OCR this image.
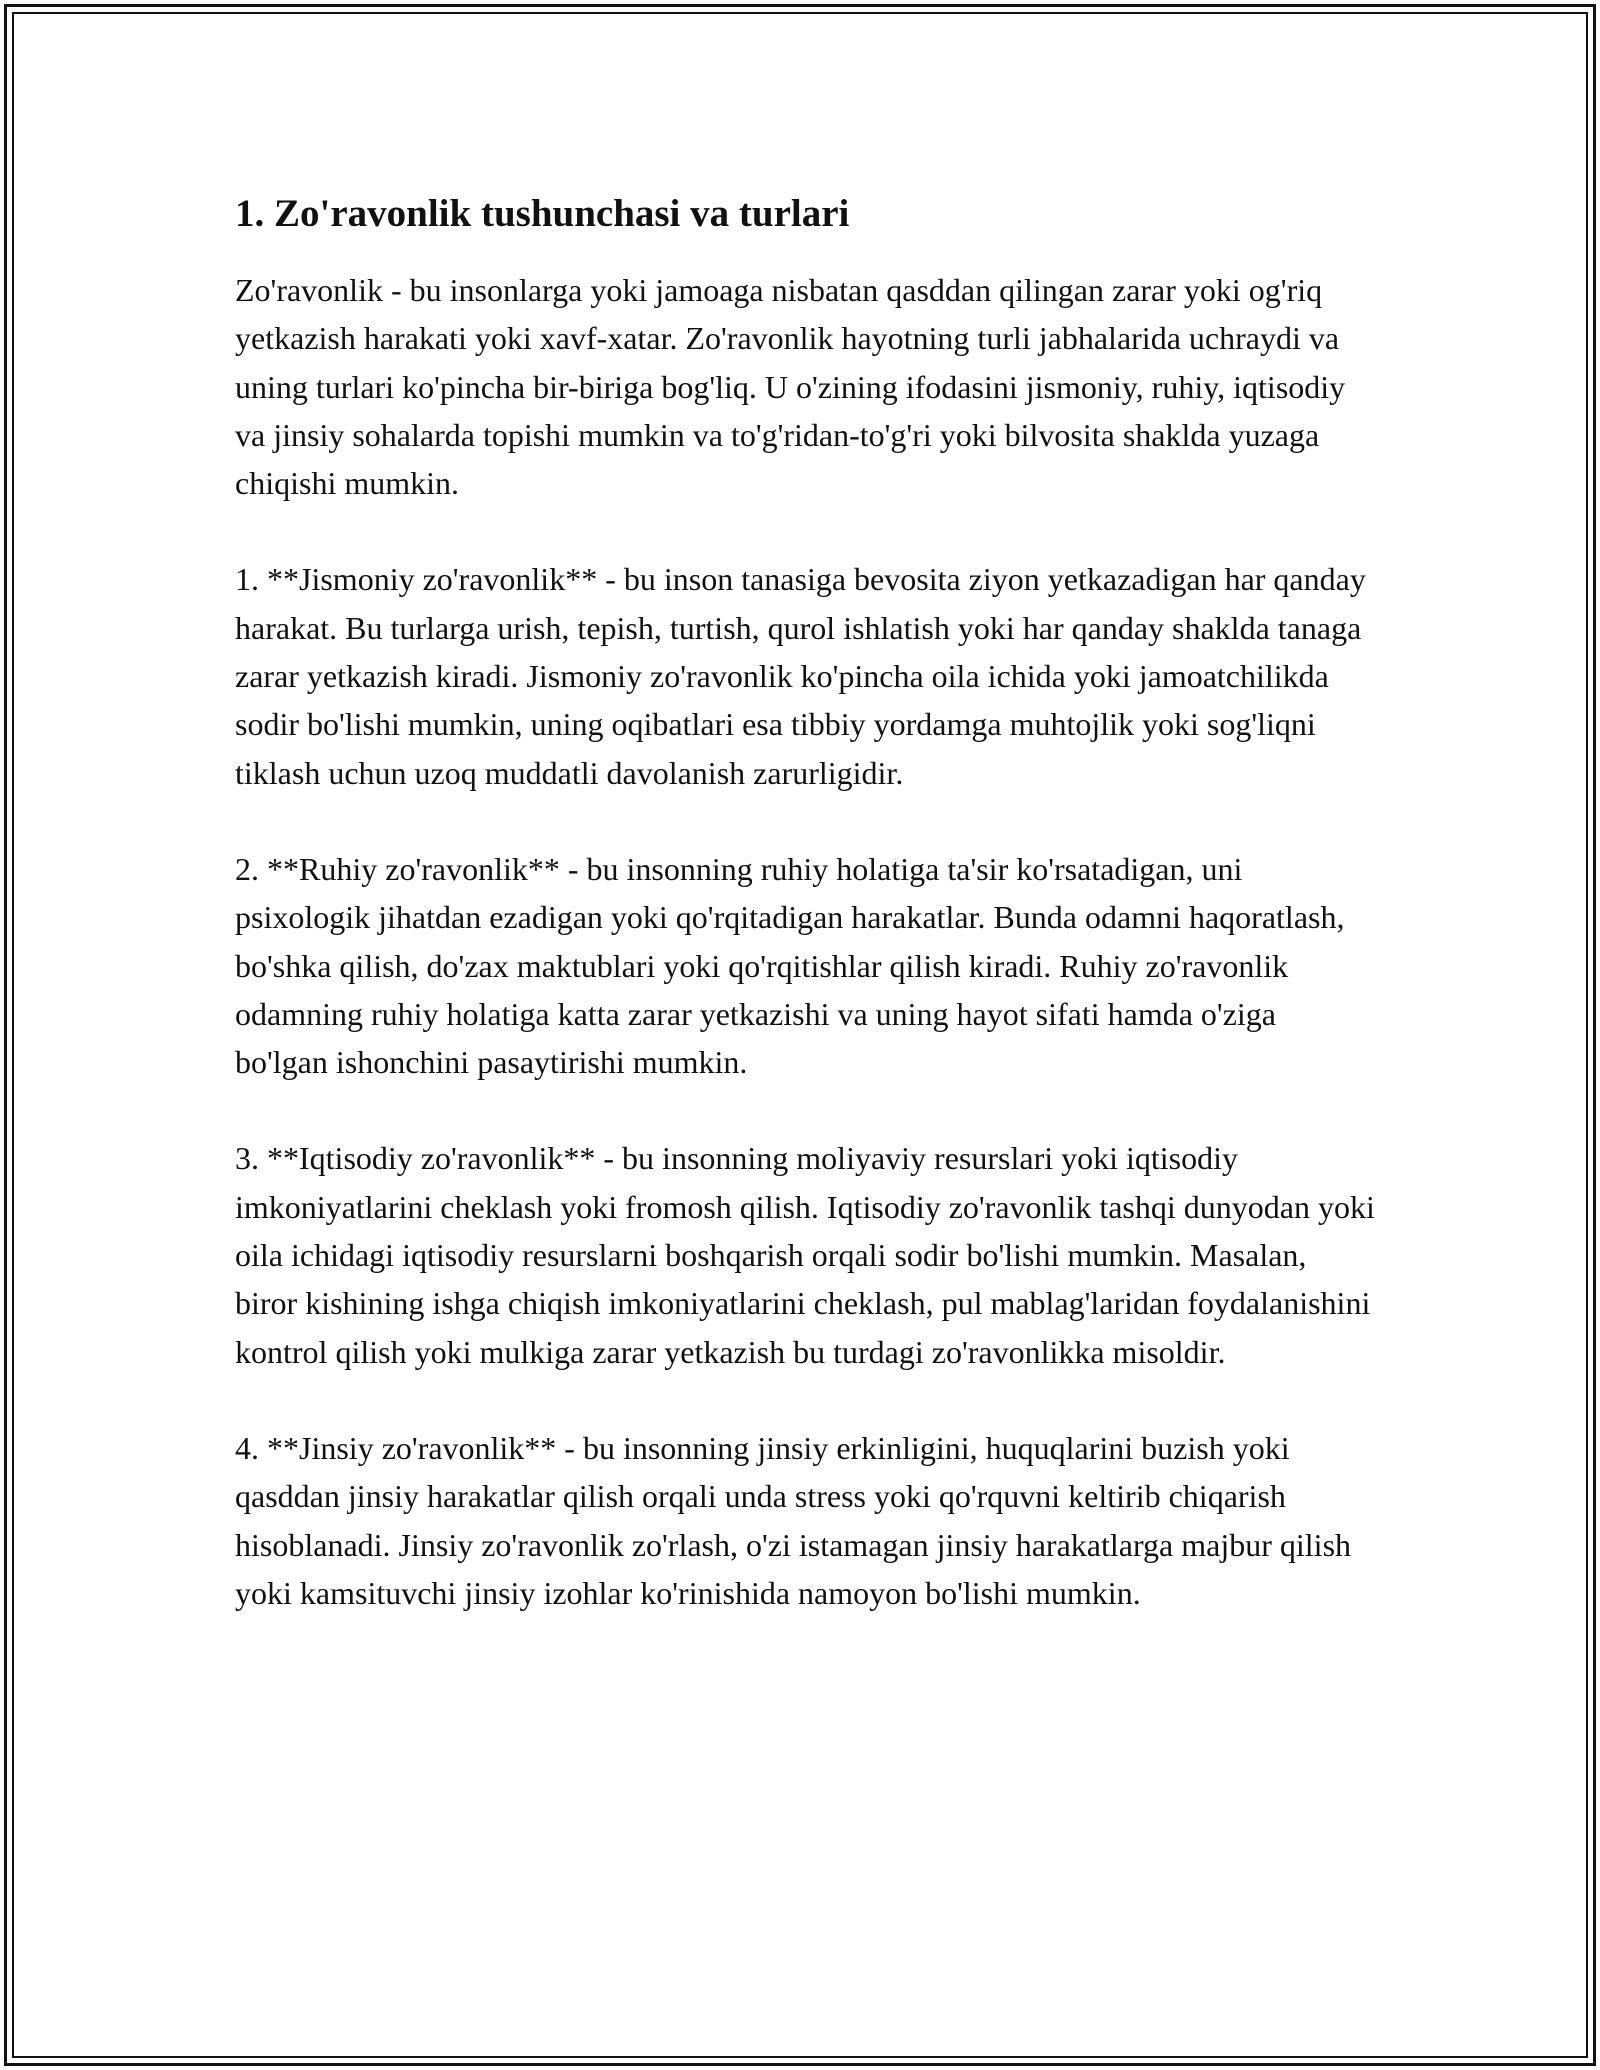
1. Zo'ravonlik tushunchasi va turlari

Zo'ravonlik - bu insonlarga yoki jamoaga nisbatan qasddan qilingan zarar yoki og'riq yetkazish harakati yoki xavf-xatar. Zo'ravonlik hayotning turli jabhalarida uchraydi va uning turlari ko'pincha bir-biriga bog'liq. U o'zining ifodasini jismoniy, ruhiy, iqtisodiy va jinsiy sohalarda topishi mumkin va to'g'ridan-to'g'ri yoki bilvosita shaklda yuzaga chiqishi mumkin.

1. **Jismoniy zo'ravonlik** - bu inson tanasiga bevosita ziyon yetkazadigan har qanday harakat. Bu turlarga urish, tepish, turtish, qurol ishlatish yoki har qanday shaklda tanaga zarar yetkazish kiradi. Jismoniy zo'ravonlik ko'pincha oila ichida yoki jamoatchilikda sodir bo'lishi mumkin, uning oqibatlari esa tibbiy yordamga muhtojlik yoki sog'liqni tiklash uchun uzoq muddatli davolanish zarurligidir.

2. **Ruhiy zo'ravonlik** - bu insonning ruhiy holatiga ta'sir ko'rsatadigan, uni psixologik jihatdan ezadigan yoki qo'rqitadigan harakatlar. Bunda odamni haqoratlash, bo'shka qilish, do'zax maktublari yoki qo'rqitishlar qilish kiradi. Ruhiy zo'ravonlik odamning ruhiy holatiga katta zarar yetkazishi va uning hayot sifati hamda o'ziga bo'lgan ishonchini pasaytirishi mumkin.

3. **Iqtisodiy zo'ravonlik** - bu insonning moliyaviy resurslari yoki iqtisodiy imkoniyatlarini cheklash yoki fromosh qilish. Iqtisodiy zo'ravonlik tashqi dunyodan yoki oila ichidagi iqtisodiy resurslarni boshqarish orqali sodir bo'lishi mumkin. Masalan, biror kishining ishga chiqish imkoniyatlarini cheklash, pul mablag'laridan foydalanishini kontrol qilish yoki mulkiga zarar yetkazish bu turdagi zo'ravonlikka misoldir.

4. **Jinsiy zo'ravonlik** - bu insonning jinsiy erkinligini, huquqlarini buzish yoki qasddan jinsiy harakatlar qilish orqali unda stress yoki qo'rquvni keltirib chiqarish hisoblanadi. Jinsiy zo'ravonlik zo'rlash, o'zi istamagan jinsiy harakatlarga majbur qilish yoki kamsituvchi jinsiy izohlar ko'rinishida namoyon bo'lishi mumkin.
